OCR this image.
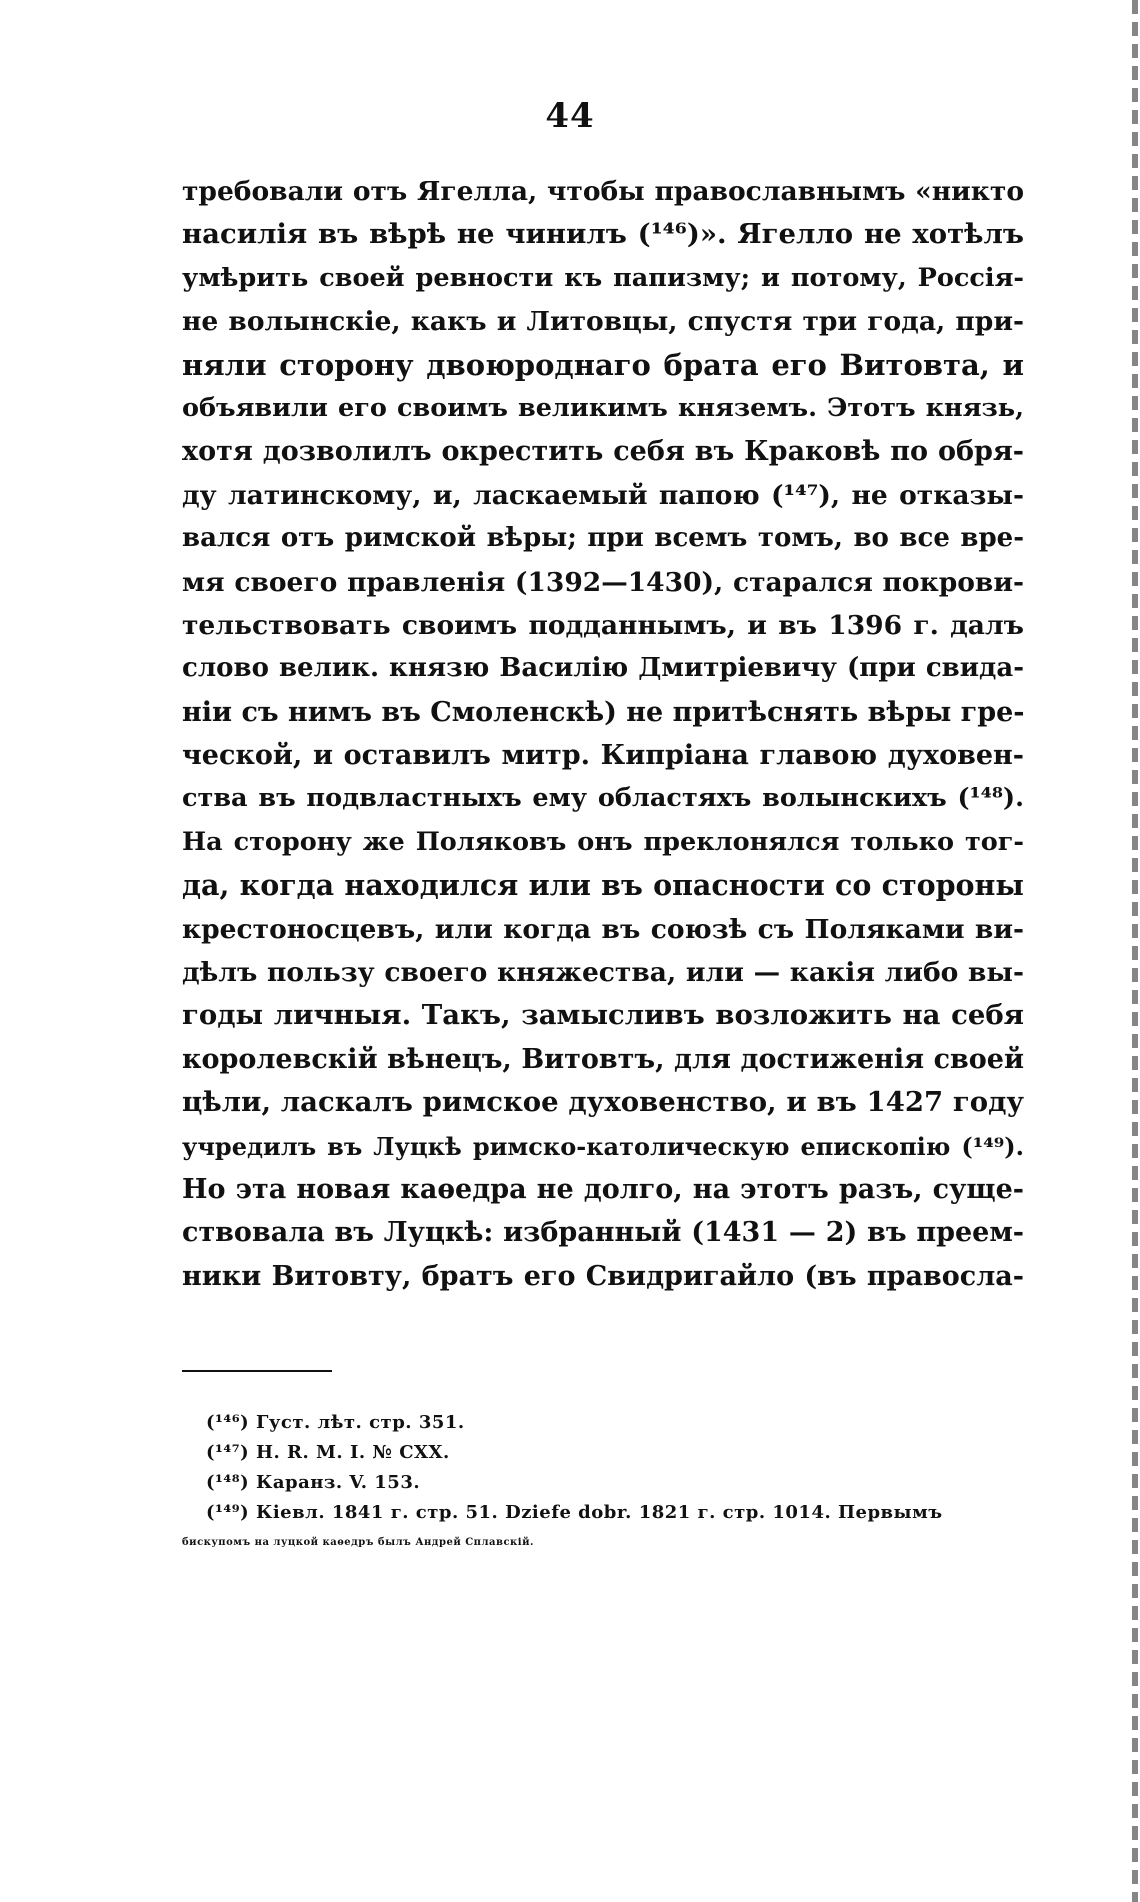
44
требовали отъ Ягелла, чтобы православнымъ «никто
насилія въ вѣрѣ не чинилъ (¹⁴⁶)». Ягелло не хотѣлъ
умѣрить своей ревности къ папизму; и потому, Россія-
не волынскіе, какъ и Литовцы, спустя три года, при-
няли сторону двоюроднаго брата его Витовта, и
объявили его своимъ великимъ княземъ. Этотъ князь,
хотя дозволилъ окрестить себя въ Краковѣ по обря-
ду латинскому, и, ласкаемый папою (¹⁴⁷), не отказы-
вался отъ римской вѣры; при всемъ томъ, во все вре-
мя своего правленія (1392—1430), старался покрови-
тельствовать своимъ подданнымъ, и въ 1396 г. далъ
слово велик. князю Василію Дмитріевичу (при свида-
ніи съ нимъ въ Смоленскѣ) не притѣснять вѣры гре-
ческой, и оставилъ митр. Кипріана главою духовен-
ства въ подвластныхъ ему областяхъ волынскихъ (¹⁴⁸).
На сторону же Поляковъ онъ преклонялся только тог-
да, когда находился или въ опасности со стороны
крестоносцевъ, или когда въ союзѣ съ Поляками ви-
дѣлъ пользу своего княжества, или — какія либо вы-
годы личныя. Такъ, замысливъ возложить на себя
королевскій вѣнецъ, Витовтъ, для достиженія своей
цѣли, ласкалъ римское духовенство, и въ 1427 году
учредилъ въ Луцкѣ римско-католическую епископію (¹⁴⁹).
Но эта новая каѳедра не долго, на этотъ разъ, суще-
ствовала въ Луцкѣ: избранный (1431 — 2) въ преем-
ники Витовту, братъ его Свидригайло (въ правосла-
(¹⁴⁶) Густ. лѣт. стр. 351.
(¹⁴⁷) Н. R. M. I. № CXX.
(¹⁴⁸) Каранз. V. 153.
(¹⁴⁹) Кіевл. 1841 г. стр. 51. Dziefe dobr. 1821 г. стр. 1014. Первымъ
бискупомъ на луцкой каѳедръ былъ Андрей Сплавскій.
